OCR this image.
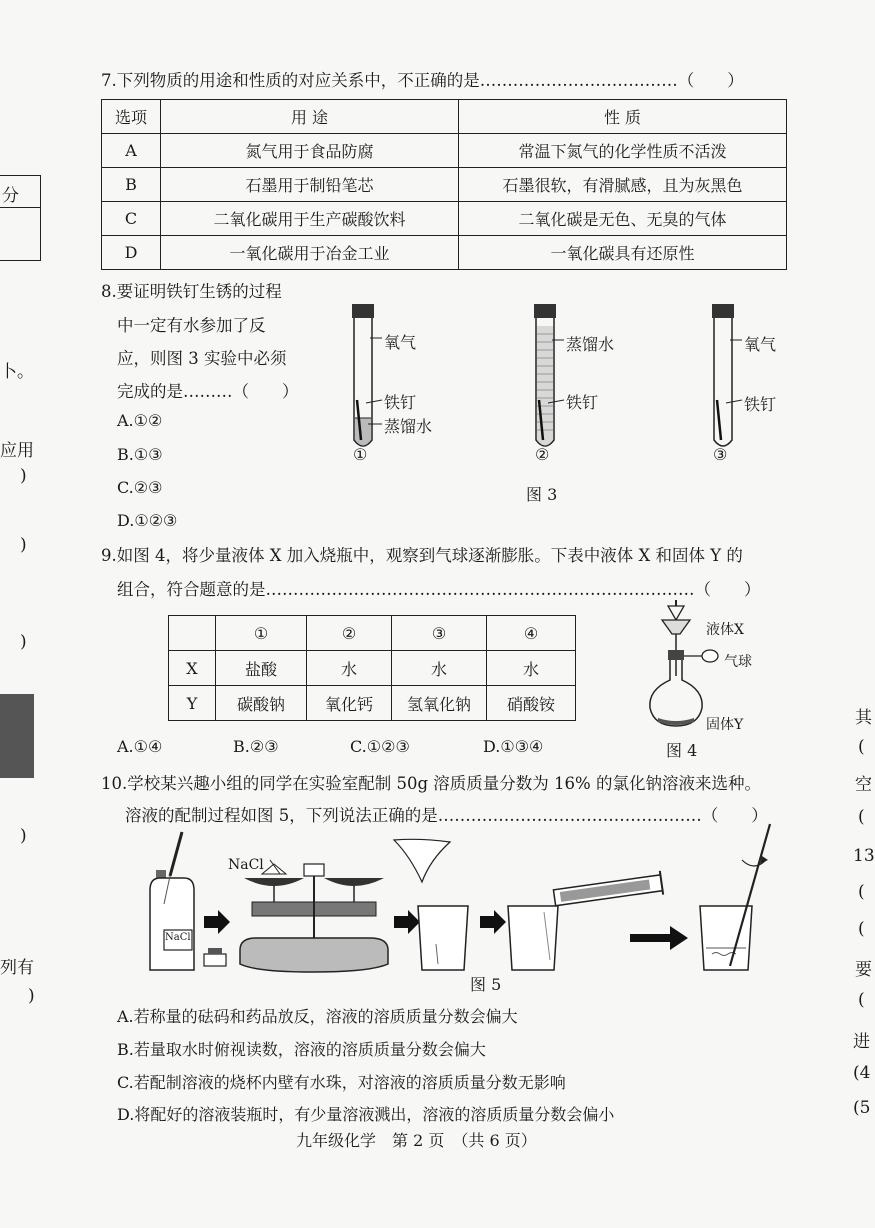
分
卜。
应用
)
)
)
)
列有
)
其
(
空
(
13
(
(
要
(
进
(4
(5
7.下列物质的用途和性质的对应关系中，不正确的是………………………………（　　）
选项	用 途	性 质
A	氮气用于食品防腐	常温下氮气的化学性质不活泼
B	石墨用于制铅笔芯	石墨很软，有滑腻感，且为灰黑色
C	二氧化碳用于生产碳酸饮料	二氧化碳是无色、无臭的气体
D	一氧化碳用于冶金工业	一氧化碳具有还原性
8.要证明铁钉生锈的过程
中一定有水参加了反
应，则图 3 实验中必须
完成的是………（　　）
A.①②
B.①③
C.②③
D.①②③
氧气
铁钉
蒸馏水
蒸馏水
铁钉
氧气
铁钉
①	②	③
图 3
9.如图 4，将少量液体 X 加入烧瓶中，观察到气球逐渐膨胀。下表中液体 X 和固体 Y 的
组合，符合题意的是……………………………………………………………………（　　）
	①	②	③	④
X	盐酸	水	水	水
Y	碳酸钠	氧化钙	氢氧化钠	硝酸铵
A.①④	B.②③	C.①②③	D.①③④
液体X
气球
固体Y
图 4
10.学校某兴趣小组的同学在实验室配制 50g 溶质质量分数为 16% 的氯化钠溶液来选种。
溶液的配制过程如图 5，下列说法正确的是…………………………………………（　　）
NaCl
NaCl
图 5
A.若称量的砝码和药品放反，溶液的溶质质量分数会偏大
B.若量取水时俯视读数，溶液的溶质质量分数会偏大
C.若配制溶液的烧杯内壁有水珠，对溶液的溶质质量分数无影响
D.将配好的溶液装瓶时，有少量溶液溅出，溶液的溶质质量分数会偏小
九年级化学　第 2 页　（共 6 页）
